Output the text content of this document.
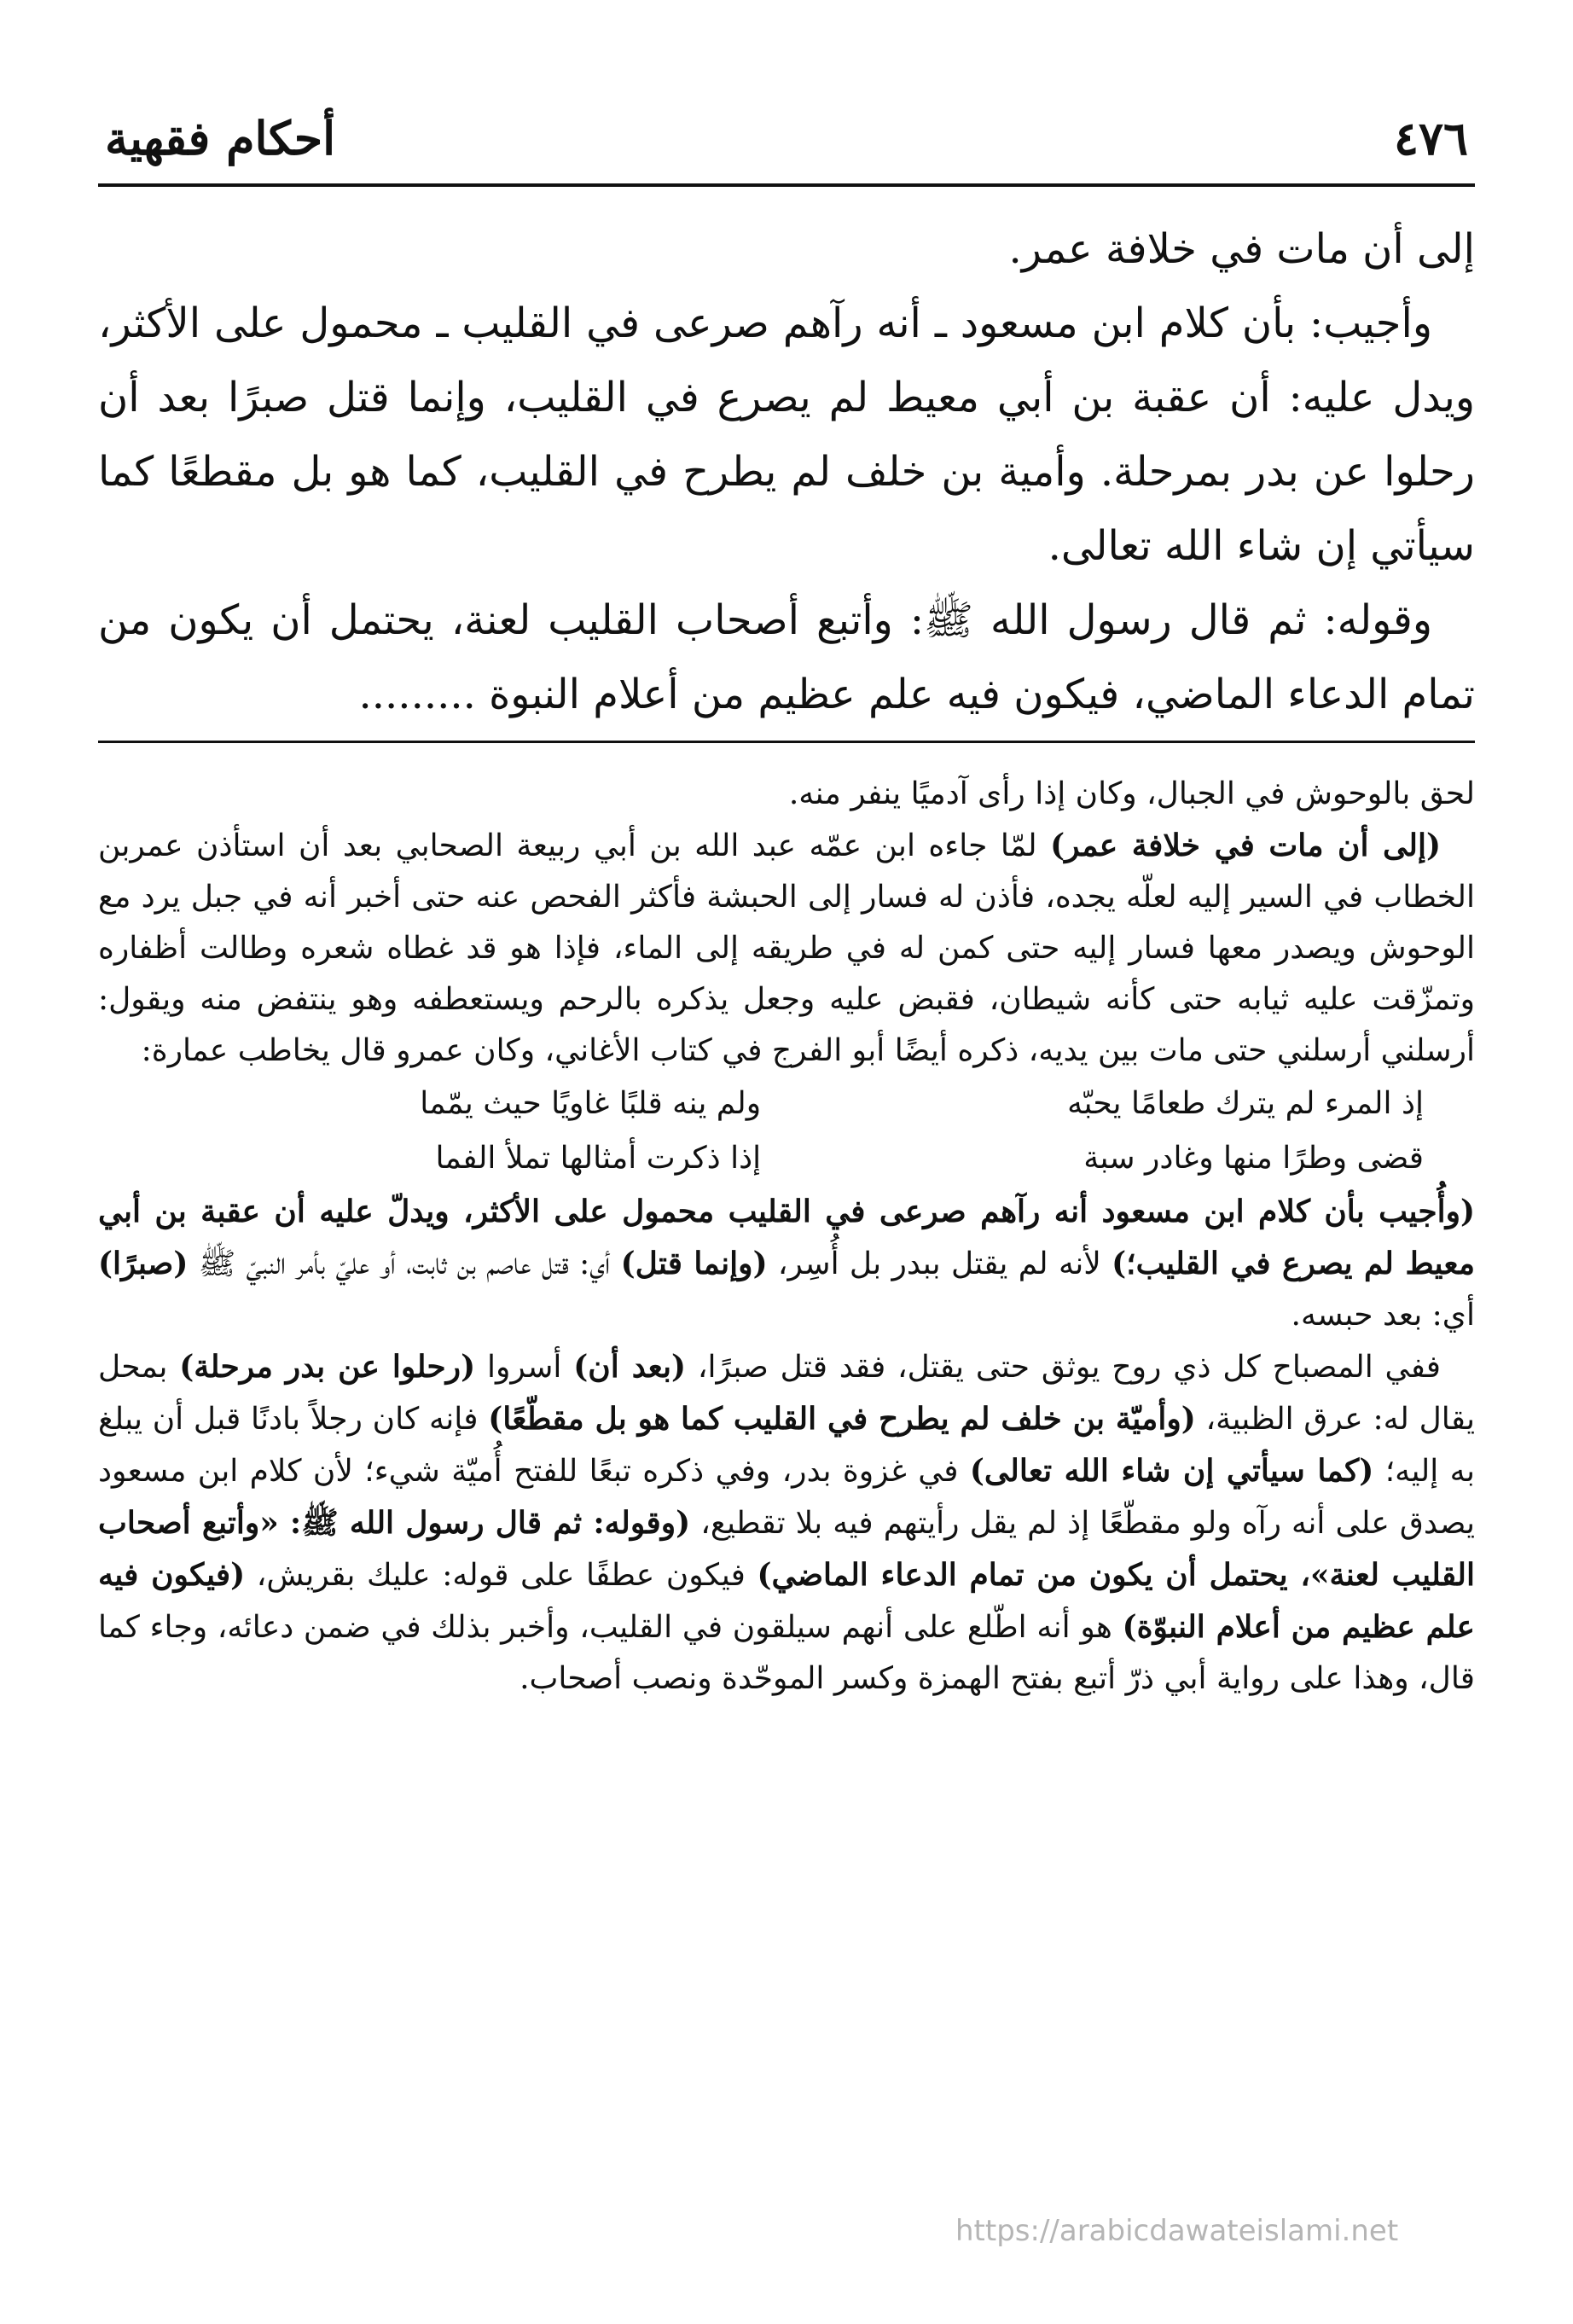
٤٧٦
أحكام فقهية

إلى أن مات في خلافة عمر.

وأجيب: بأن كلام ابن مسعود ـ أنه رآهم صرعى في القليب ـ محمول على الأكثر، ويدل عليه: أن عقبة بن أبي معيط لم يصرع في القليب، وإنما قتل صبرًا بعد أن رحلوا عن بدر بمرحلة. وأمية بن خلف لم يطرح في القليب، كما هو بل مقطعًا كما سيأتي إن شاء الله تعالى.

وقوله: ثم قال رسول الله ﷺ: وأتبع أصحاب القليب لعنة، يحتمل أن يكون من تمام الدعاء الماضي، فيكون فيه علم عظيم من أعلام النبوة .........

لحق بالوحوش في الجبال، وكان إذا رأى آدميًا ينفر منه.

(إلى أن مات في خلافة عمر) لمّا جاءه ابن عمّه عبد الله بن أبي ربيعة الصحابي بعد أن استأذن عمربن الخطاب في السير إليه لعلّه يجده، فأذن له فسار إلى الحبشة فأكثر الفحص عنه حتى أخبر أنه في جبل يرد مع الوحوش ويصدر معها فسار إليه حتى كمن له في طريقه إلى الماء، فإذا هو قد غطاه شعره وطالت أظفاره وتمزّقت عليه ثيابه حتى كأنه شيطان، فقبض عليه وجعل يذكره بالرحم ويستعطفه وهو ينتفض منه ويقول: أرسلني أرسلني حتى مات بين يديه، ذكره أيضًا أبو الفرج في كتاب الأغاني، وكان عمرو قال يخاطب عمارة:

إذ المرء لم يترك طعامًا يحبّه
ولم ينه قلبًا غاويًا حيث يمّما
قضى وطرًا منها وغادر سبة
إذا ذكرت أمثالها تملأ الفما

(وأُجيب بأن كلام ابن مسعود أنه رآهم صرعى في القليب محمول على الأكثر، ويدلّ عليه أن عقبة بن أبي معيط لم يصرع في القليب؛) لأنه لم يقتل ببدر بل أُسِر، (وإنما قتل) أي: قتل عاصم بن ثابت، أو عليّ بأمر النبيّ ﷺ (صبرًا) أي: بعد حبسه.

ففي المصباح كل ذي روح يوثق حتى يقتل، فقد قتل صبرًا، (بعد أن) أسروا (رحلوا عن بدر مرحلة) بمحل يقال له: عرق الظبية، (وأميّة بن خلف لم يطرح في القليب كما هو بل مقطّعًا) فإنه كان رجلاً بادنًا قبل أن يبلغ به إليه؛ (كما سيأتي إن شاء الله تعالى) في غزوة بدر، وفي ذكره تبعًا للفتح أُميّة شيء؛ لأن كلام ابن مسعود يصدق على أنه رآه ولو مقطّعًا إذ لم يقل رأيتهم فيه بلا تقطيع، (وقوله: ثم قال رسول الله ﷺ: «وأتبع أصحاب القليب لعنة»، يحتمل أن يكون من تمام الدعاء الماضي) فيكون عطفًا على قوله: عليك بقريش، (فيكون فيه علم عظيم من أعلام النبوّة) هو أنه اطّلع على أنهم سيلقون في القليب، وأخبر بذلك في ضمن دعائه، وجاء كما قال، وهذا على رواية أبي ذرّ أتبع بفتح الهمزة وكسر الموحّدة ونصب أصحاب.

https://arabicdawateislami.net
